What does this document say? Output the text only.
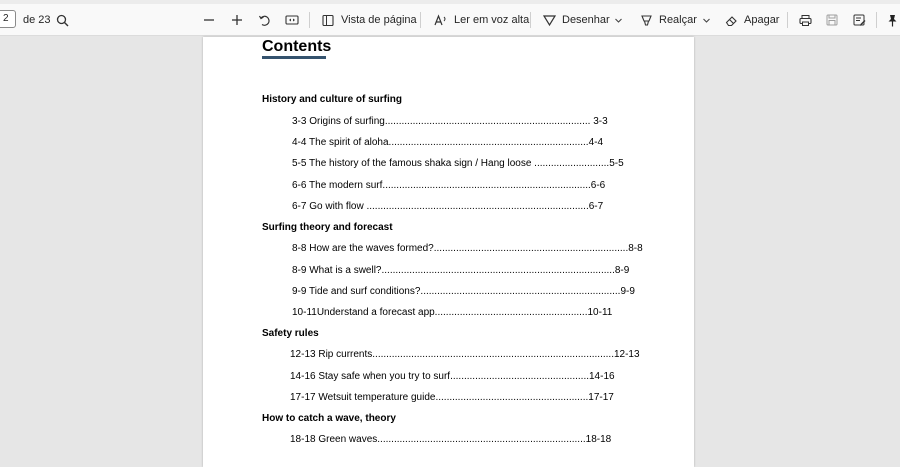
2	de 23	Vista de página	Ler em voz alta	Desenhar	Realçar	Apagar
Contents
History and culture of surfing
3-3 Origins of surfing.......................................................................... 3-3
4-4 The spirit of aloha........................................................................4-4
5-5 The history of the famous shaka sign / Hang loose ...........................5-5
6-6 The modern surf...........................................................................6-6
6-7 Go with flow ................................................................................6-7
Surfing theory and forecast
8-8 How are the waves formed?......................................................................8-8
8-9 What is a swell?....................................................................................8-9
9-9 Tide and surf conditions?........................................................................9-9
10-11Understand a forecast app.......................................................10-11
Safety rules
12-13 Rip currents.......................................................................................12-13
14-16 Stay safe when you try to surf..................................................14-16
17-17 Wetsuit temperature guide.......................................................17-17
How to catch a wave, theory
18-18 Green waves...........................................................................18-18
